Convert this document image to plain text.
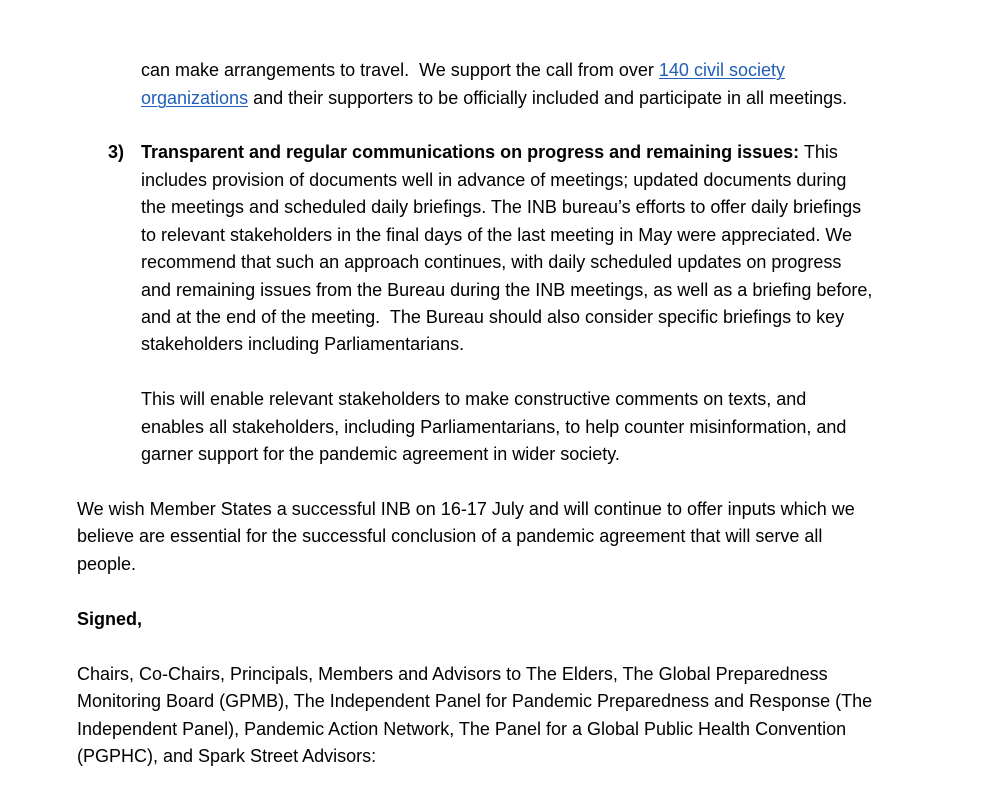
can make arrangements to travel.  We support the call from over 140 civil society
organizations and their supporters to be officially included and participate in all meetings.
3) Transparent and regular communications on progress and remaining issues: This
includes provision of documents well in advance of meetings; updated documents during
the meetings and scheduled daily briefings. The INB bureau’s efforts to offer daily briefings
to relevant stakeholders in the final days of the last meeting in May were appreciated. We
recommend that such an approach continues, with daily scheduled updates on progress
and remaining issues from the Bureau during the INB meetings, as well as a briefing before,
and at the end of the meeting.  The Bureau should also consider specific briefings to key
stakeholders including Parliamentarians.
This will enable relevant stakeholders to make constructive comments on texts, and
enables all stakeholders, including Parliamentarians, to help counter misinformation, and
garner support for the pandemic agreement in wider society.
We wish Member States a successful INB on 16-17 July and will continue to offer inputs which we
believe are essential for the successful conclusion of a pandemic agreement that will serve all
people.
Signed,
Chairs, Co-Chairs, Principals, Members and Advisors to The Elders, The Global Preparedness
Monitoring Board (GPMB), The Independent Panel for Pandemic Preparedness and Response (The
Independent Panel), Pandemic Action Network, The Panel for a Global Public Health Convention
(PGPHC), and Spark Street Advisors:
